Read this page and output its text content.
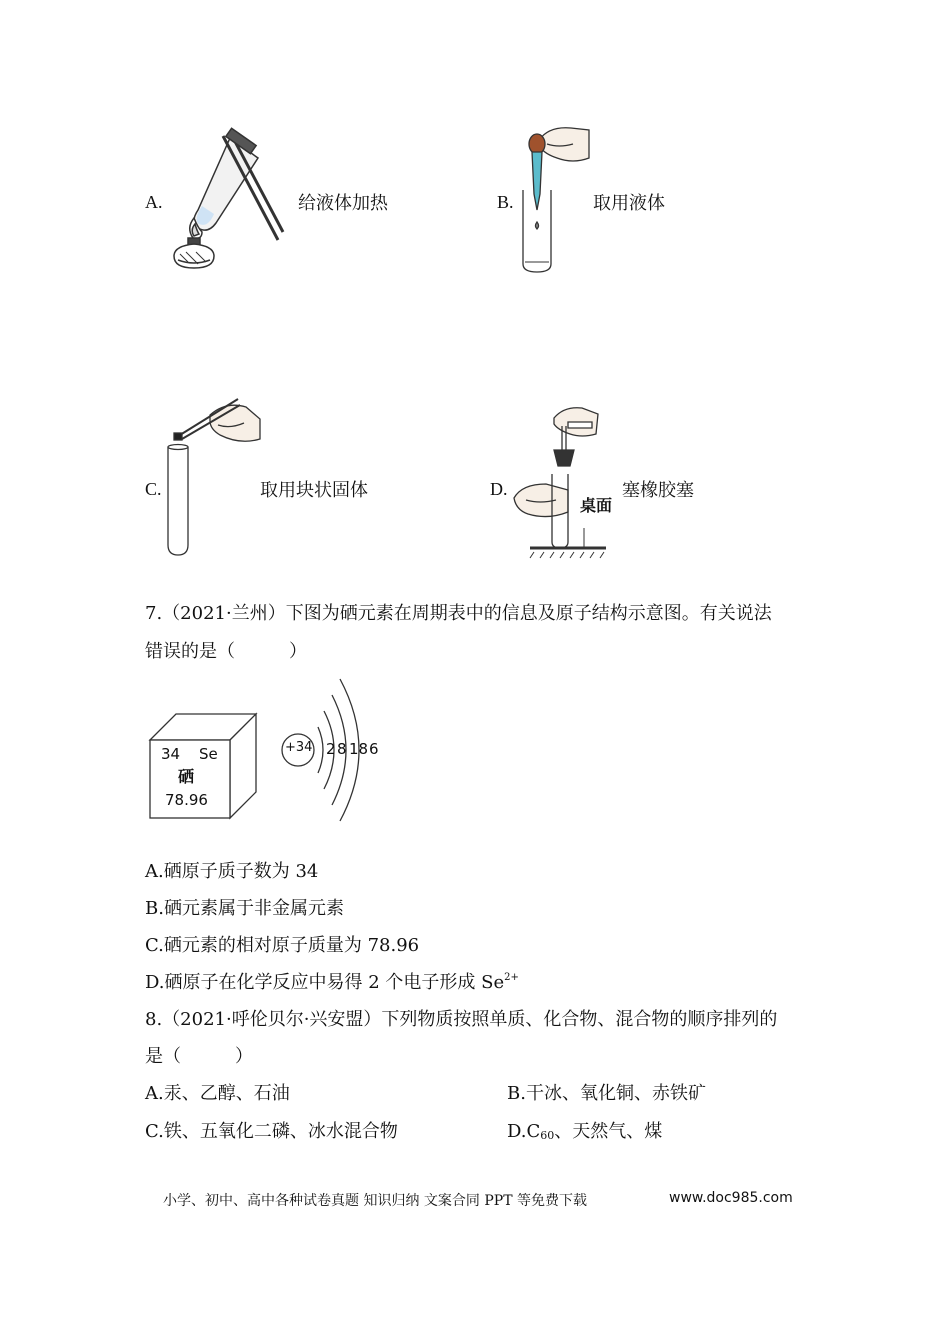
A.	给液体加热	B.	取用液体
C.	取用块状固体
桌面
D.	塞橡胶塞
7.（2021·兰州）下图为硒元素在周期表中的信息及原子结构示意图。有关说法
错误的是（　　　）
34 Se
硒
78.96
+34 2 8 18 6
A.硒原子质子数为 34
B.硒元素属于非金属元素
C.硒元素的相对原子质量为 78.96
D.硒原子在化学反应中易得 2 个电子形成 $Se^{2+}$
8.（2021·呼伦贝尔·兴安盟）下列物质按照单质、化合物、混合物的顺序排列的
是（　　　）
A.汞、乙醇、石油	B.干冰、氧化铜、赤铁矿
C.铁、五氧化二磷、冰水混合物	$D.C_{60}$、天然气、煤
小学、初中、高中各种试卷真题 知识归纳 文案合同 PPT 等免费下载	www.doc985.com
